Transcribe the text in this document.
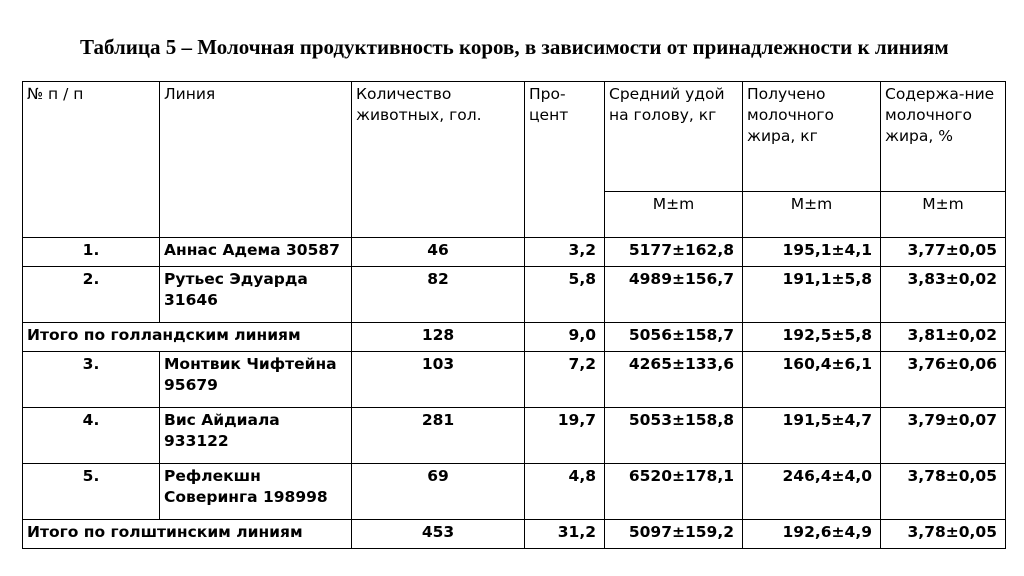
Таблица 5 – Молочная продуктивность коров, в зависимости от принадлежности к линиям
№ п / п	Линия	Количество животных, гол.	Про-цент	Средний удой на голову, кг	Получено молочного жира, кг	Содержа-ние молочного жира, %
				M±m	M±m	M±m
1.	Аннас Адема 30587	46	3,2	5177±162,8	195,1±4,1	3,77±0,05
2.	Рутьес Эдуарда 31646	82	5,8	4989±156,7	191,1±5,8	3,83±0,02
Итого по голландским линиям		128	9,0	5056±158,7	192,5±5,8	3,81±0,02
3.	Монтвик Чифтейна 95679	103	7,2	4265±133,6	160,4±6,1	3,76±0,06
4.	Вис Айдиала 933122	281	19,7	5053±158,8	191,5±4,7	3,79±0,07
5.	Рефлекшн Соверинга 198998	69	4,8	6520±178,1	246,4±4,0	3,78±0,05
Итого по голштинским линиям		453	31,2	5097±159,2	192,6±4,9	3,78±0,05
